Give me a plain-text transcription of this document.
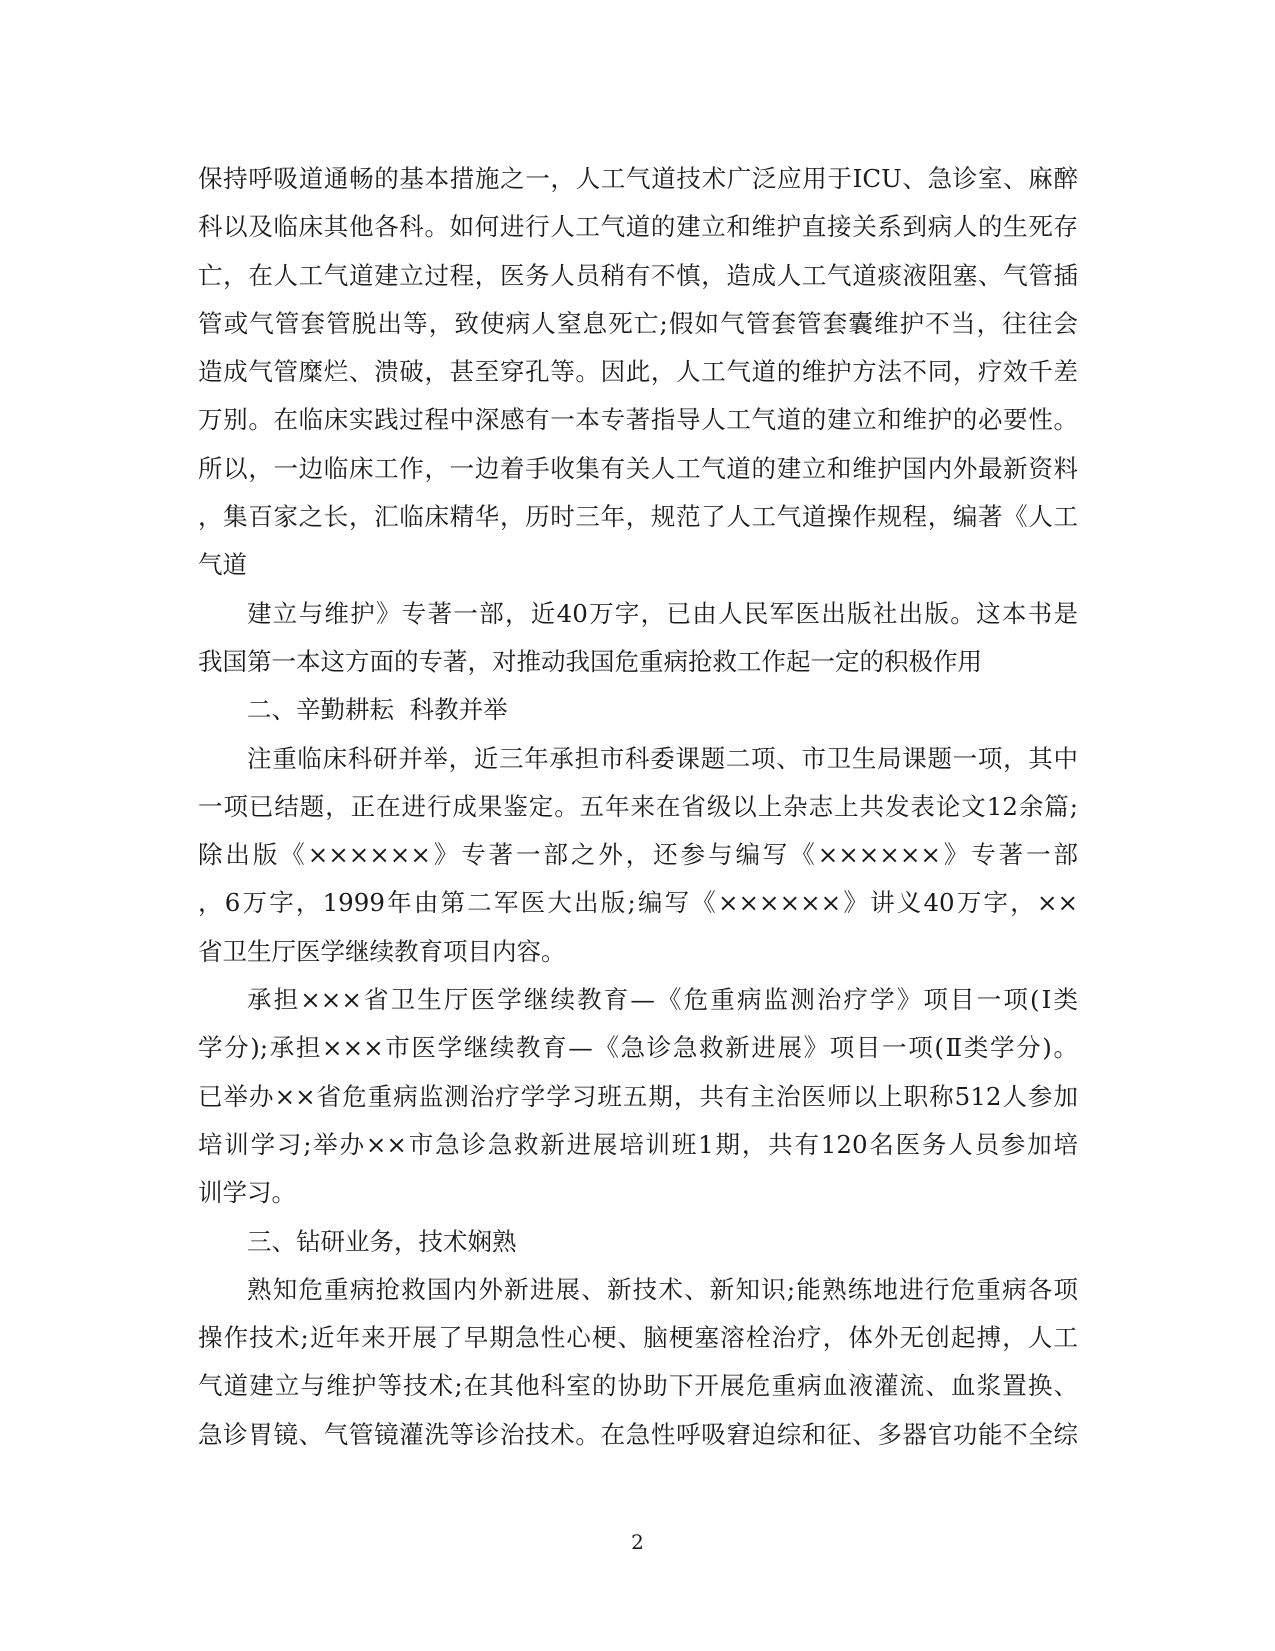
保持呼吸道通畅的基本措施之一，人工气道技术广泛应用于ICU、急诊室、麻醉
科以及临床其他各科。如何进行人工气道的建立和维护直接关系到病人的生死存
亡，在人工气道建立过程，医务人员稍有不慎，造成人工气道痰液阻塞、气管插
管或气管套管脱出等，致使病人窒息死亡;假如气管套管套囊维护不当，往往会
造成气管糜烂、溃破，甚至穿孔等。因此，人工气道的维护方法不同，疗效千差
万别。在临床实践过程中深感有一本专著指导人工气道的建立和维护的必要性。
所以，一边临床工作，一边着手收集有关人工气道的建立和维护国内外最新资料
，集百家之长，汇临床精华，历时三年，规范了人工气道操作规程，编著《人工
气道
建立与维护》专著一部，近40万字，已由人民军医出版社出版。这本书是
我国第一本这方面的专著，对推动我国危重病抢救工作起一定的积极作用
二、辛勤耕耘  科教并举
注重临床科研并举，近三年承担市科委课题二项、市卫生局课题一项，其中
一项已结题，正在进行成果鉴定。五年来在省级以上杂志上共发表论文12余篇;
除出版《××××××》专著一部之外，还参与编写《××××××》专著一部
，6万字，1999年由第二军医大出版;编写《××××××》讲义40万字，××
省卫生厅医学继续教育项目内容。
承担×××省卫生厅医学继续教育—《危重病监测治疗学》项目一项(Ⅰ类
学分);承担×××市医学继续教育—《急诊急救新进展》项目一项(Ⅱ类学分)。
已举办××省危重病监测治疗学学习班五期，共有主治医师以上职称512人参加
培训学习;举办××市急诊急救新进展培训班1期，共有120名医务人员参加培
训学习。
三、钻研业务，技术娴熟
熟知危重病抢救国内外新进展、新技术、新知识;能熟练地进行危重病各项
操作技术;近年来开展了早期急性心梗、脑梗塞溶栓治疗，体外无创起搏，人工
气道建立与维护等技术;在其他科室的协助下开展危重病血液灌流、血浆置换、
急诊胃镜、气管镜灌洗等诊治技术。在急性呼吸窘迫综和征、多器官功能不全综
2
